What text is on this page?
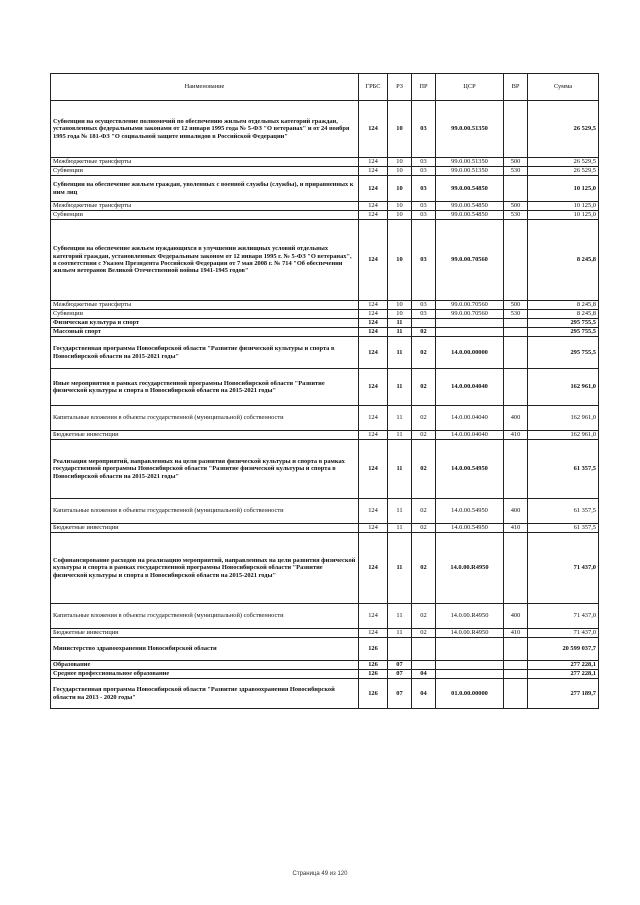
Наименование	ГРБС	РЗ	ПР	ЦСР	ВР	Сумма
Субвенции на осуществление полномочий по обеспечению жильем отдельных категорий граждан, установленных федеральными законами от 12 января 1995 года № 5-ФЗ "О ветеранах" и от 24 ноября 1995 года № 181-ФЗ "О социальной защите инвалидов в Российской Федерации"	124	10	03	99.0.00.51350		26 529,5
Межбюджетные трансферты	124	10	03	99.0.00.51350	500	26 529,5
Субвенции	124	10	03	99.0.00.51350	530	26 529,5
Субвенции на обеспечение жильем граждан, уволенных с военной службы (службы), и приравненных к ним лиц	124	10	03	99.0.00.54850		10 125,0
Межбюджетные трансферты	124	10	03	99.0.00.54850	500	10 125,0
Субвенции	124	10	03	99.0.00.54850	530	10 125,0
Субвенции на обеспечение жильем нуждающихся в улучшении жилищных условий отдельных категорий граждан, установленных Федеральным законом от 12 января 1995 г. № 5-ФЗ "О ветеранах", в соответствии с Указом Президента Российской Федерации от 7 мая 2008 г. № 714 "Об обеспечении жильем ветеранов Великой Отечественной войны 1941-1945 годов"	124	10	03	99.0.00.70560		8 245,8
Межбюджетные трансферты	124	10	03	99.0.00.70560	500	8 245,8
Субвенции	124	10	03	99.0.00.70560	530	8 245,8
Физическая культура и спорт	124	11				295 755,5
Массовый спорт	124	11	02			295 755,5
Государственная программа Новосибирской области "Развитие физической культуры и спорта в Новосибирской области на 2015-2021 годы"	124	11	02	14.0.00.00000		295 755,5
Иные мероприятия в рамках государственной программы Новосибирской области "Развитие физической культуры и спорта в Новосибирской области на 2015-2021 годы"	124	11	02	14.0.00.04040		162 961,0
Капитальные вложения в объекты государственной (муниципальной) собственности	124	11	02	14.0.00.04040	400	162 961,0
Бюджетные инвестиции	124	11	02	14.0.00.04040	410	162 961,0
Реализация мероприятий, направленных на цели развития физической культуры и спорта в рамках государственной программы Новосибирской области "Развитие физической культуры и спорта в Новосибирской области на 2015-2021 годы"	124	11	02	14.0.00.54950		61 357,5
Капитальные вложения в объекты государственной (муниципальной) собственности	124	11	02	14.0.00.54950	400	61 357,5
Бюджетные инвестиции	124	11	02	14.0.00.54950	410	61 357,5
Софинансирование расходов на реализацию мероприятий, направленных на цели развития физической культуры и спорта в рамках государственной программы Новосибирской области "Развитие физической культуры и спорта в Новосибирской области на 2015-2021 годы"	124	11	02	14.0.00.R4950		71 437,0
Капитальные вложения в объекты государственной (муниципальной) собственности	124	11	02	14.0.00.R4950	400	71 437,0
Бюджетные инвестиции	124	11	02	14.0.00.R4950	410	71 437,0
Министерство здравоохранения Новосибирской области	126					20 599 037,7
Образование	126	07				277 228,1
Среднее профессиональное образование	126	07	04			277 228,1
Государственная программа Новосибирской области "Развитие здравоохранения Новосибирской области на 2013 - 2020 годы"	126	07	04	01.0.00.00000		277 189,7
Страница 49 из 120
